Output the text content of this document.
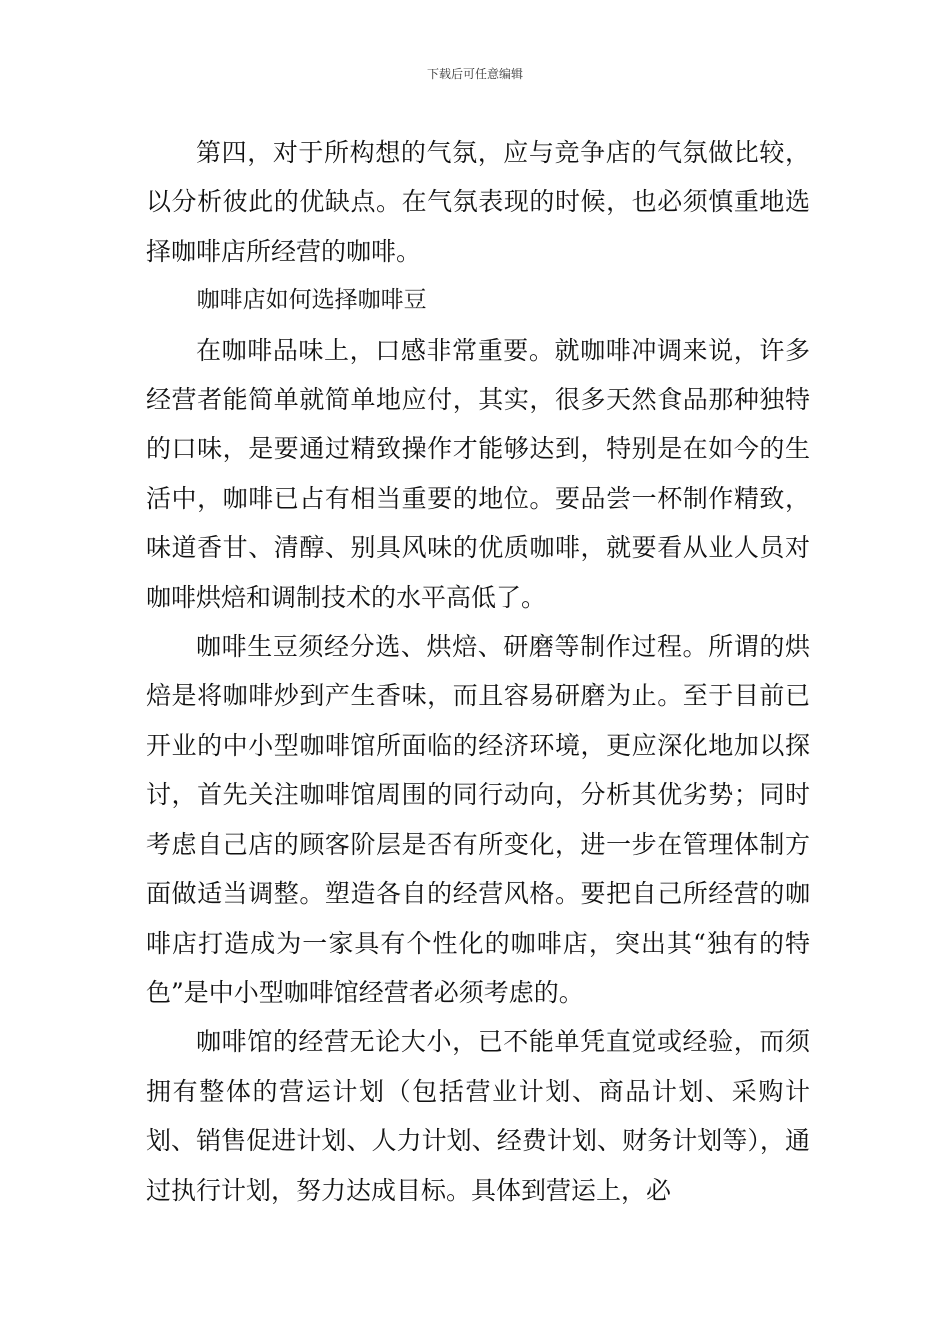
下载后可任意编辑

第四，对于所构想的气氛，应与竞争店的气氛做比较，以分析彼此的优缺点。在气氛表现的时候，也必须慎重地选择咖啡店所经营的咖啡。

咖啡店如何选择咖啡豆

在咖啡品味上，口感非常重要。就咖啡冲调来说，许多经营者能简单就简单地应付，其实，很多天然食品那种独特的口味，是要通过精致操作才能够达到，特别是在如今的生活中，咖啡已占有相当重要的地位。要品尝一杯制作精致，味道香甘、清醇、别具风味的优质咖啡，就要看从业人员对咖啡烘焙和调制技术的水平高低了。

咖啡生豆须经分选、烘焙、研磨等制作过程。所谓的烘焙是将咖啡炒到产生香味，而且容易研磨为止。至于目前已开业的中小型咖啡馆所面临的经济环境，更应深化地加以探讨，首先关注咖啡馆周围的同行动向，分析其优劣势；同时考虑自己店的顾客阶层是否有所变化，进一步在管理体制方面做适当调整。塑造各自的经营风格。要把自己所经营的咖啡店打造成为一家具有个性化的咖啡店，突出其“独有的特色”是中小型咖啡馆经营者必须考虑的。

咖啡馆的经营无论大小，已不能单凭直觉或经验，而须拥有整体的营运计划（包括营业计划、商品计划、采购计划、销售促进计划、人力计划、经费计划、财务计划等），通过执行计划，努力达成目标。具体到营运上，必
